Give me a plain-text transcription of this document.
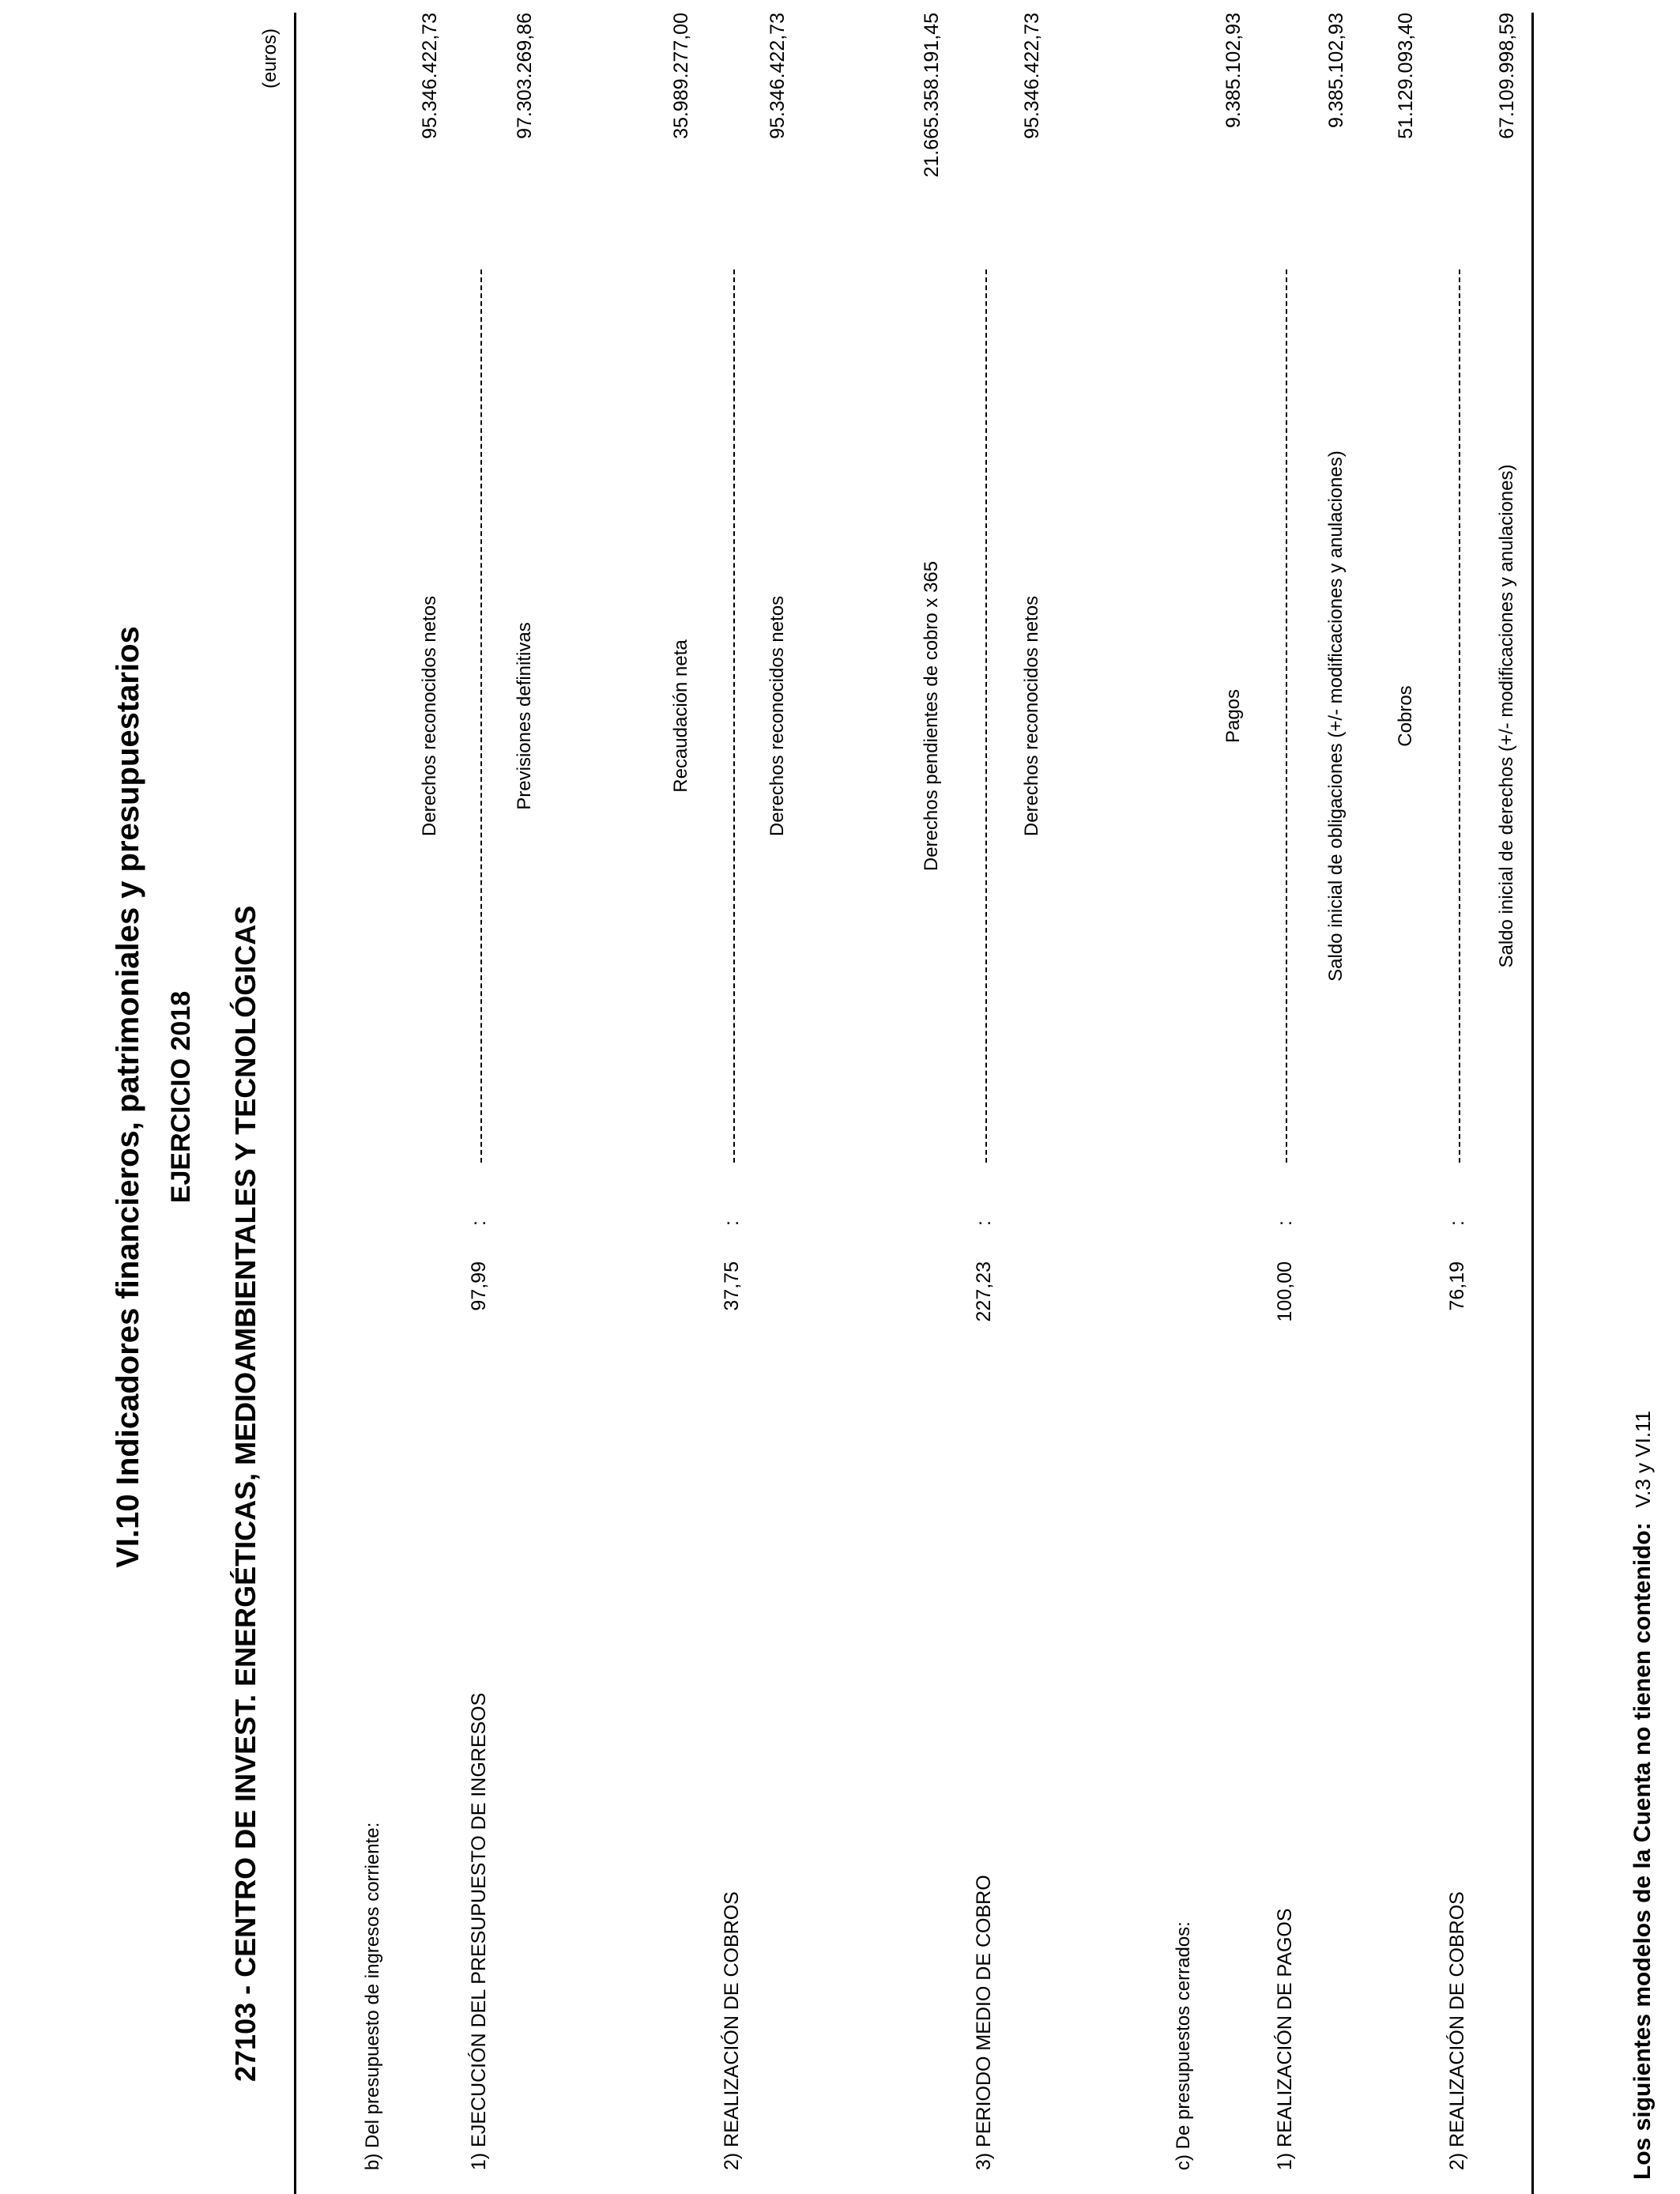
VI.10 Indicadores financieros, patrimoniales y presupuestarios EJERCICIO 2018 27103 - CENTRO DE INVEST. ENERGÉTICAS, MEDIOAMBIENTALES Y TECNOLÓGICAS
(euros)
b) Del presupuesto de ingresos corriente:
Derechos reconocidos netos
95.346.422,73
1) EJECUCIÓN DEL PRESUPUESTO DE INGRESOS
97,99
:
Previsiones definitivas
97.303.269,86
Recaudación neta
35.989.277,00
2) REALIZACIÓN DE COBROS
37,75
:
Derechos reconocidos netos
95.346.422,73
Derechos pendientes de cobro x 365
21.665.358.191,45
3) PERIODO MEDIO DE COBRO
227,23
:
Derechos reconocidos netos
95.346.422,73
c) De presupuestos cerrados:
Pagos
9.385.102,93
1) REALIZACIÓN DE PAGOS
100,00
:
Saldo inicial de obligaciones (+/- modificaciones y anulaciones)
9.385.102,93
Cobros
51.129.093,40
2) REALIZACIÓN DE COBROS
76,19
:
Saldo inicial de derechos (+/- modificaciones y anulaciones)
67.109.998,59
Los siguientes modelos de la Cuenta no tienen contenido: V.3 y VI.11
